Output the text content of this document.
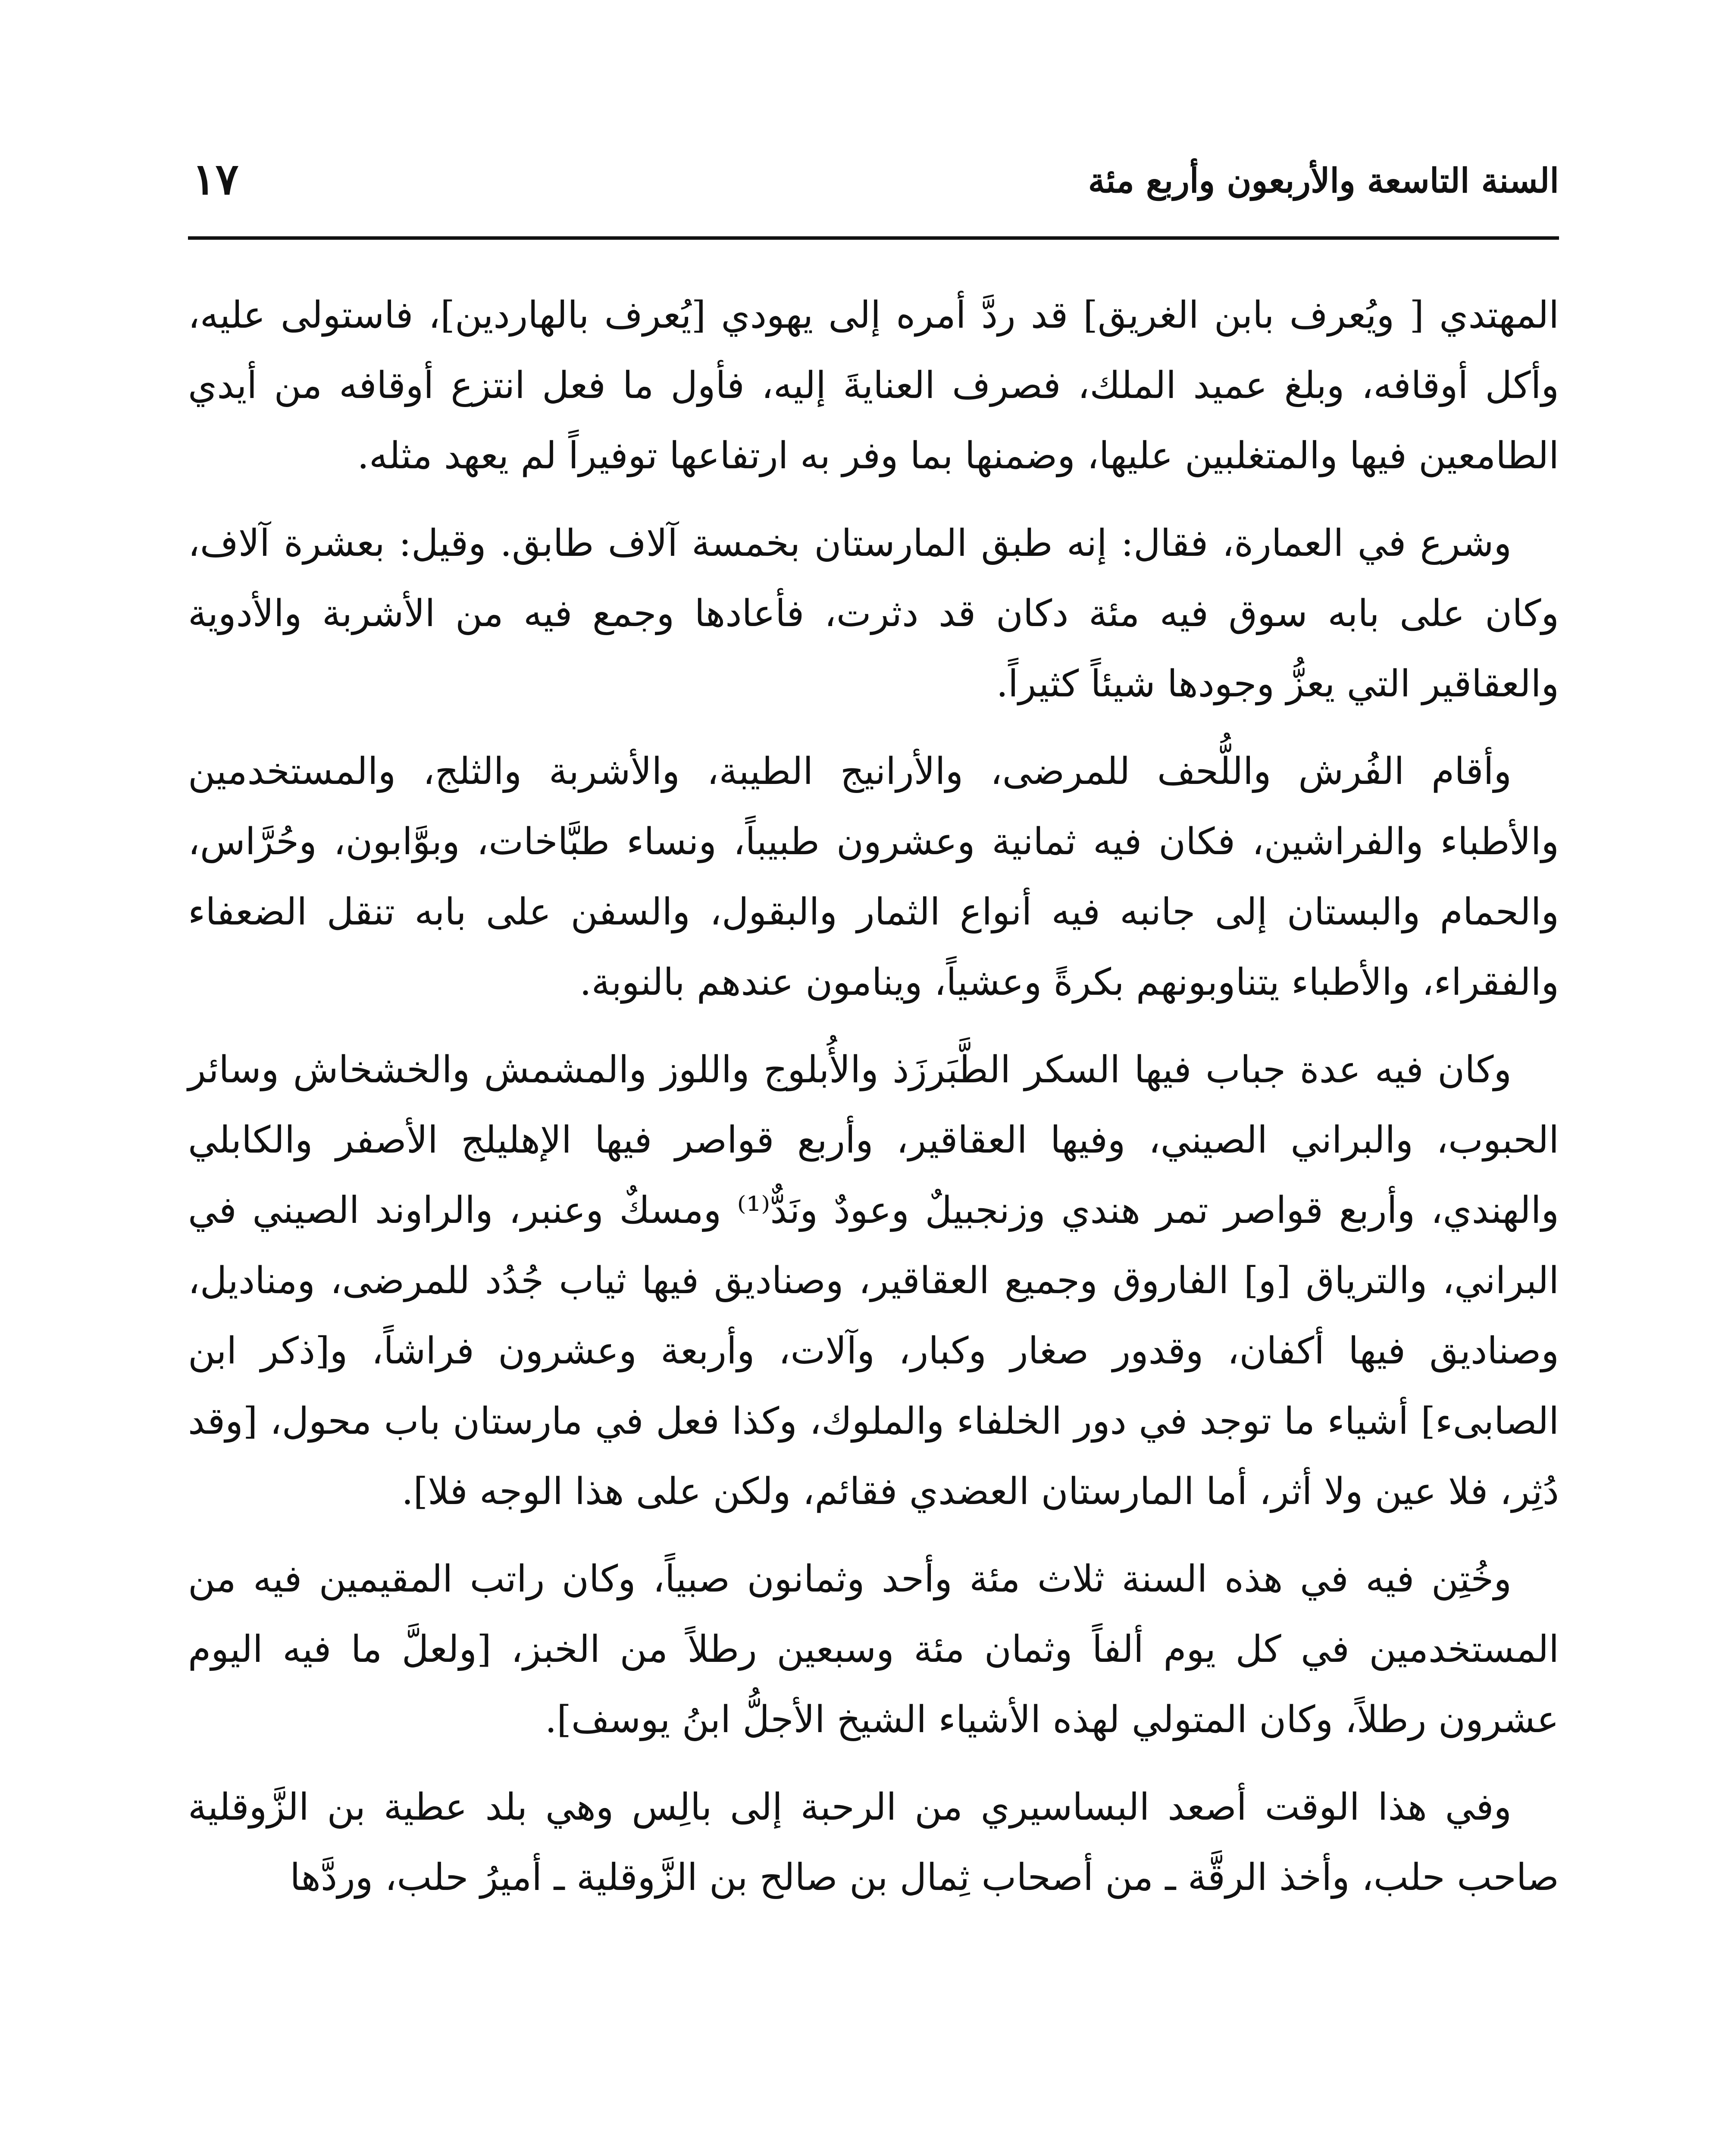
السنة التاسعة والأربعون وأربع مئة
١٧

المهتدي [ ويُعرف بابن الغريق] قد ردَّ أمره إلى يهودي [يُعرف بالهاردين]، فاستولى عليه، وأكل أوقافه، وبلغ عميد الملك، فصرف العنايةَ إليه، فأول ما فعل انتزع أوقافه من أيدي الطامعين فيها والمتغلبين عليها، وضمنها بما وفر به ارتفاعها توفيراً لم يعهد مثله.

وشرع في العمارة، فقال: إنه طبق المارستان بخمسة آلاف طابق. وقيل: بعشرة آلاف، وكان على بابه سوق فيه مئة دكان قد دثرت، فأعادها وجمع فيه من الأشربة والأدوية والعقاقير التي يعزُّ وجودها شيئاً كثيراً.

وأقام الفُرش واللُّحف للمرضى، والأرانيج الطيبة، والأشربة والثلج، والمستخدمين والأطباء والفراشين، فكان فيه ثمانية وعشرون طبيباً، ونساء طبَّاخات، وبوَّابون، وحُرَّاس، والحمام والبستان إلى جانبه فيه أنواع الثمار والبقول، والسفن على بابه تنقل الضعفاء والفقراء، والأطباء يتناوبونهم بكرةً وعشياً، وينامون عندهم بالنوبة.

وكان فيه عدة جباب فيها السكر الطَّبَرزَذ والأُبلوج واللوز والمشمش والخشخاش وسائر الحبوب، والبراني الصيني، وفيها العقاقير، وأربع قواصر فيها الإهليلج الأصفر والكابلي والهندي، وأربع قواصر تمر هندي وزنجبيلٌ وعودٌ ونَدٌّ⁽¹⁾ ومسكٌ وعنبر، والراوند الصيني في البراني، والترياق [و] الفاروق وجميع العقاقير، وصناديق فيها ثياب جُدُد للمرضى، ومناديل، وصناديق فيها أكفان، وقدور صغار وكبار، وآلات، وأربعة وعشرون فراشاً، و[ذكر ابن الصابىء] أشياء ما توجد في دور الخلفاء والملوك، وكذا فعل في مارستان باب محول، [وقد دُثِر، فلا عين ولا أثر، أما المارستان العضدي فقائم، ولكن على هذا الوجه فلا].

وخُتِن فيه في هذه السنة ثلاث مئة وأحد وثمانون صبياً، وكان راتب المقيمين فيه من المستخدمين في كل يوم ألفاً وثمان مئة وسبعين رطلاً من الخبز، [ولعلَّ ما فيه اليوم عشرون رطلاً، وكان المتولي لهذه الأشياء الشيخ الأجلُّ ابنُ يوسف].

وفي هذا الوقت أصعد البساسيري من الرحبة إلى بالِس وهي بلد عطية بن الزَّوقلية صاحب حلب، وأخذ الرقَّة ـ من أصحاب ثِمال بن صالح بن الزَّوقلية ـ أميرُ حلب، وردَّها
